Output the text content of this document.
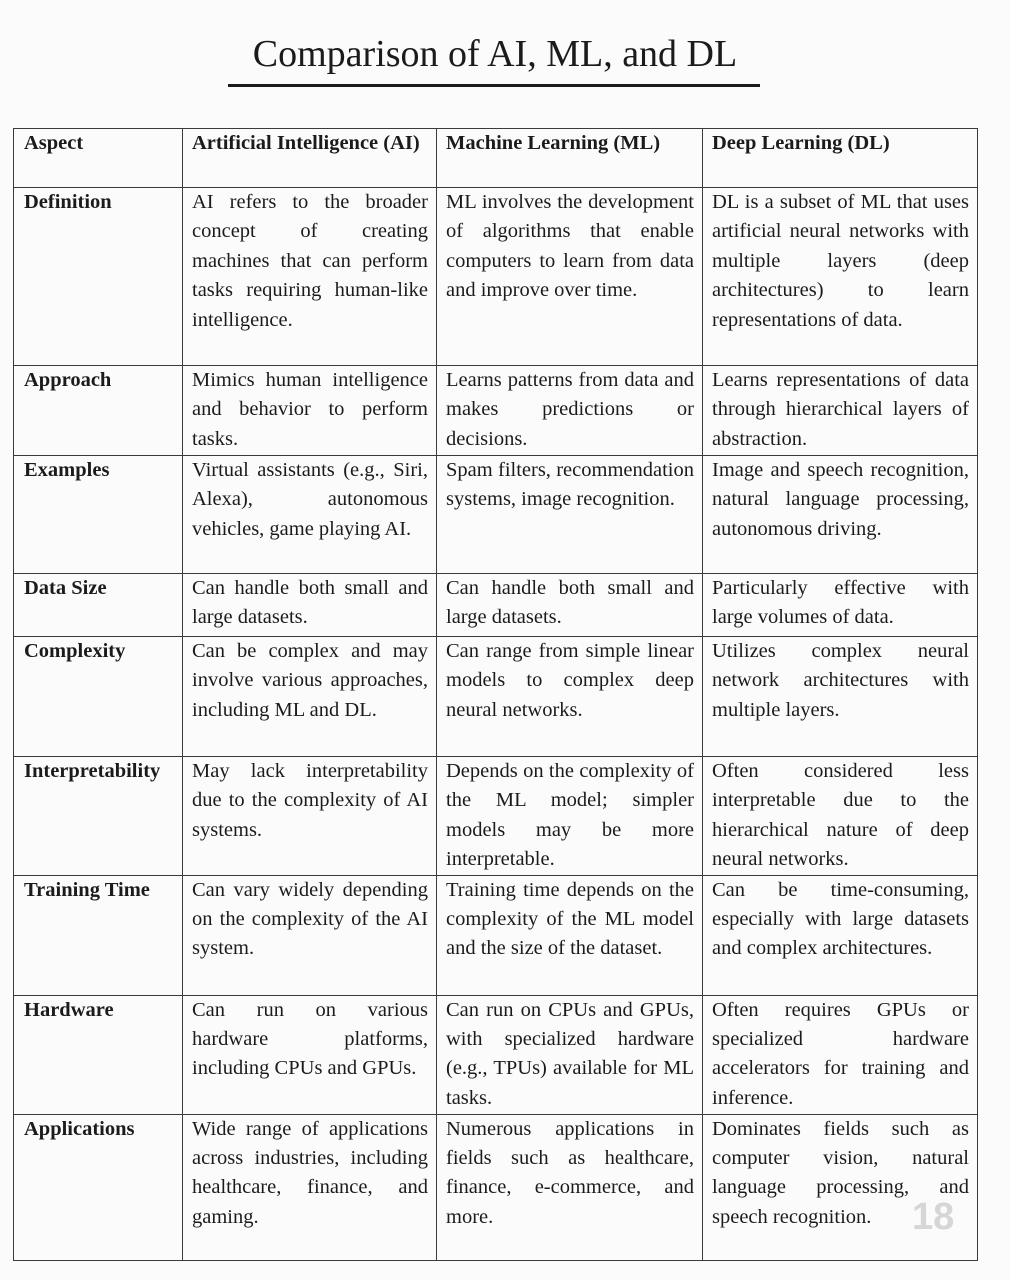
Comparison of AI, ML, and DL
Aspect	Artificial Intelligence (AI)	Machine Learning (ML)	Deep Learning (DL)
Definition	AI refers to the broader concept of creating machines that can perform tasks requiring human-like intelligence.	ML involves the development of algorithms that enable computers to learn from data and improve over time.	DL is a subset of ML that uses artificial neural networks with multiple layers (deep architectures) to learn representations of data.
Approach	Mimics human intelligence and behavior to perform tasks.	Learns patterns from data and makes predictions or decisions.	Learns representations of data through hierarchical layers of abstraction.
Examples	Virtual assistants (e.g., Siri, Alexa), autonomous vehicles, game playing AI.	Spam filters, recommendation systems, image recognition.	Image and speech recognition, natural language processing, autonomous driving.
Data Size	Can handle both small and large datasets.	Can handle both small and large datasets.	Particularly effective with large volumes of data.
Complexity	Can be complex and may involve various approaches, including ML and DL.	Can range from simple linear models to complex deep neural networks.	Utilizes complex neural network architectures with multiple layers.
Interpretability	May lack interpretability due to the complexity of AI systems.	Depends on the complexity of the ML model; simpler models may be more interpretable.	Often considered less interpretable due to the hierarchical nature of deep neural networks.
Training Time	Can vary widely depending on the complexity of the AI system.	Training time depends on the complexity of the ML model and the size of the dataset.	Can be time-consuming, especially with large datasets and complex architectures.
Hardware	Can run on various hardware platforms, including CPUs and GPUs.	Can run on CPUs and GPUs, with specialized hardware (e.g., TPUs) available for ML tasks.	Often requires GPUs or specialized hardware accelerators for training and inference.
Applications	Wide range of applications across industries, including healthcare, finance, and gaming.	Numerous applications in fields such as healthcare, finance, e-commerce, and more.	Dominates fields such as computer vision, natural language processing, and speech recognition. 18
